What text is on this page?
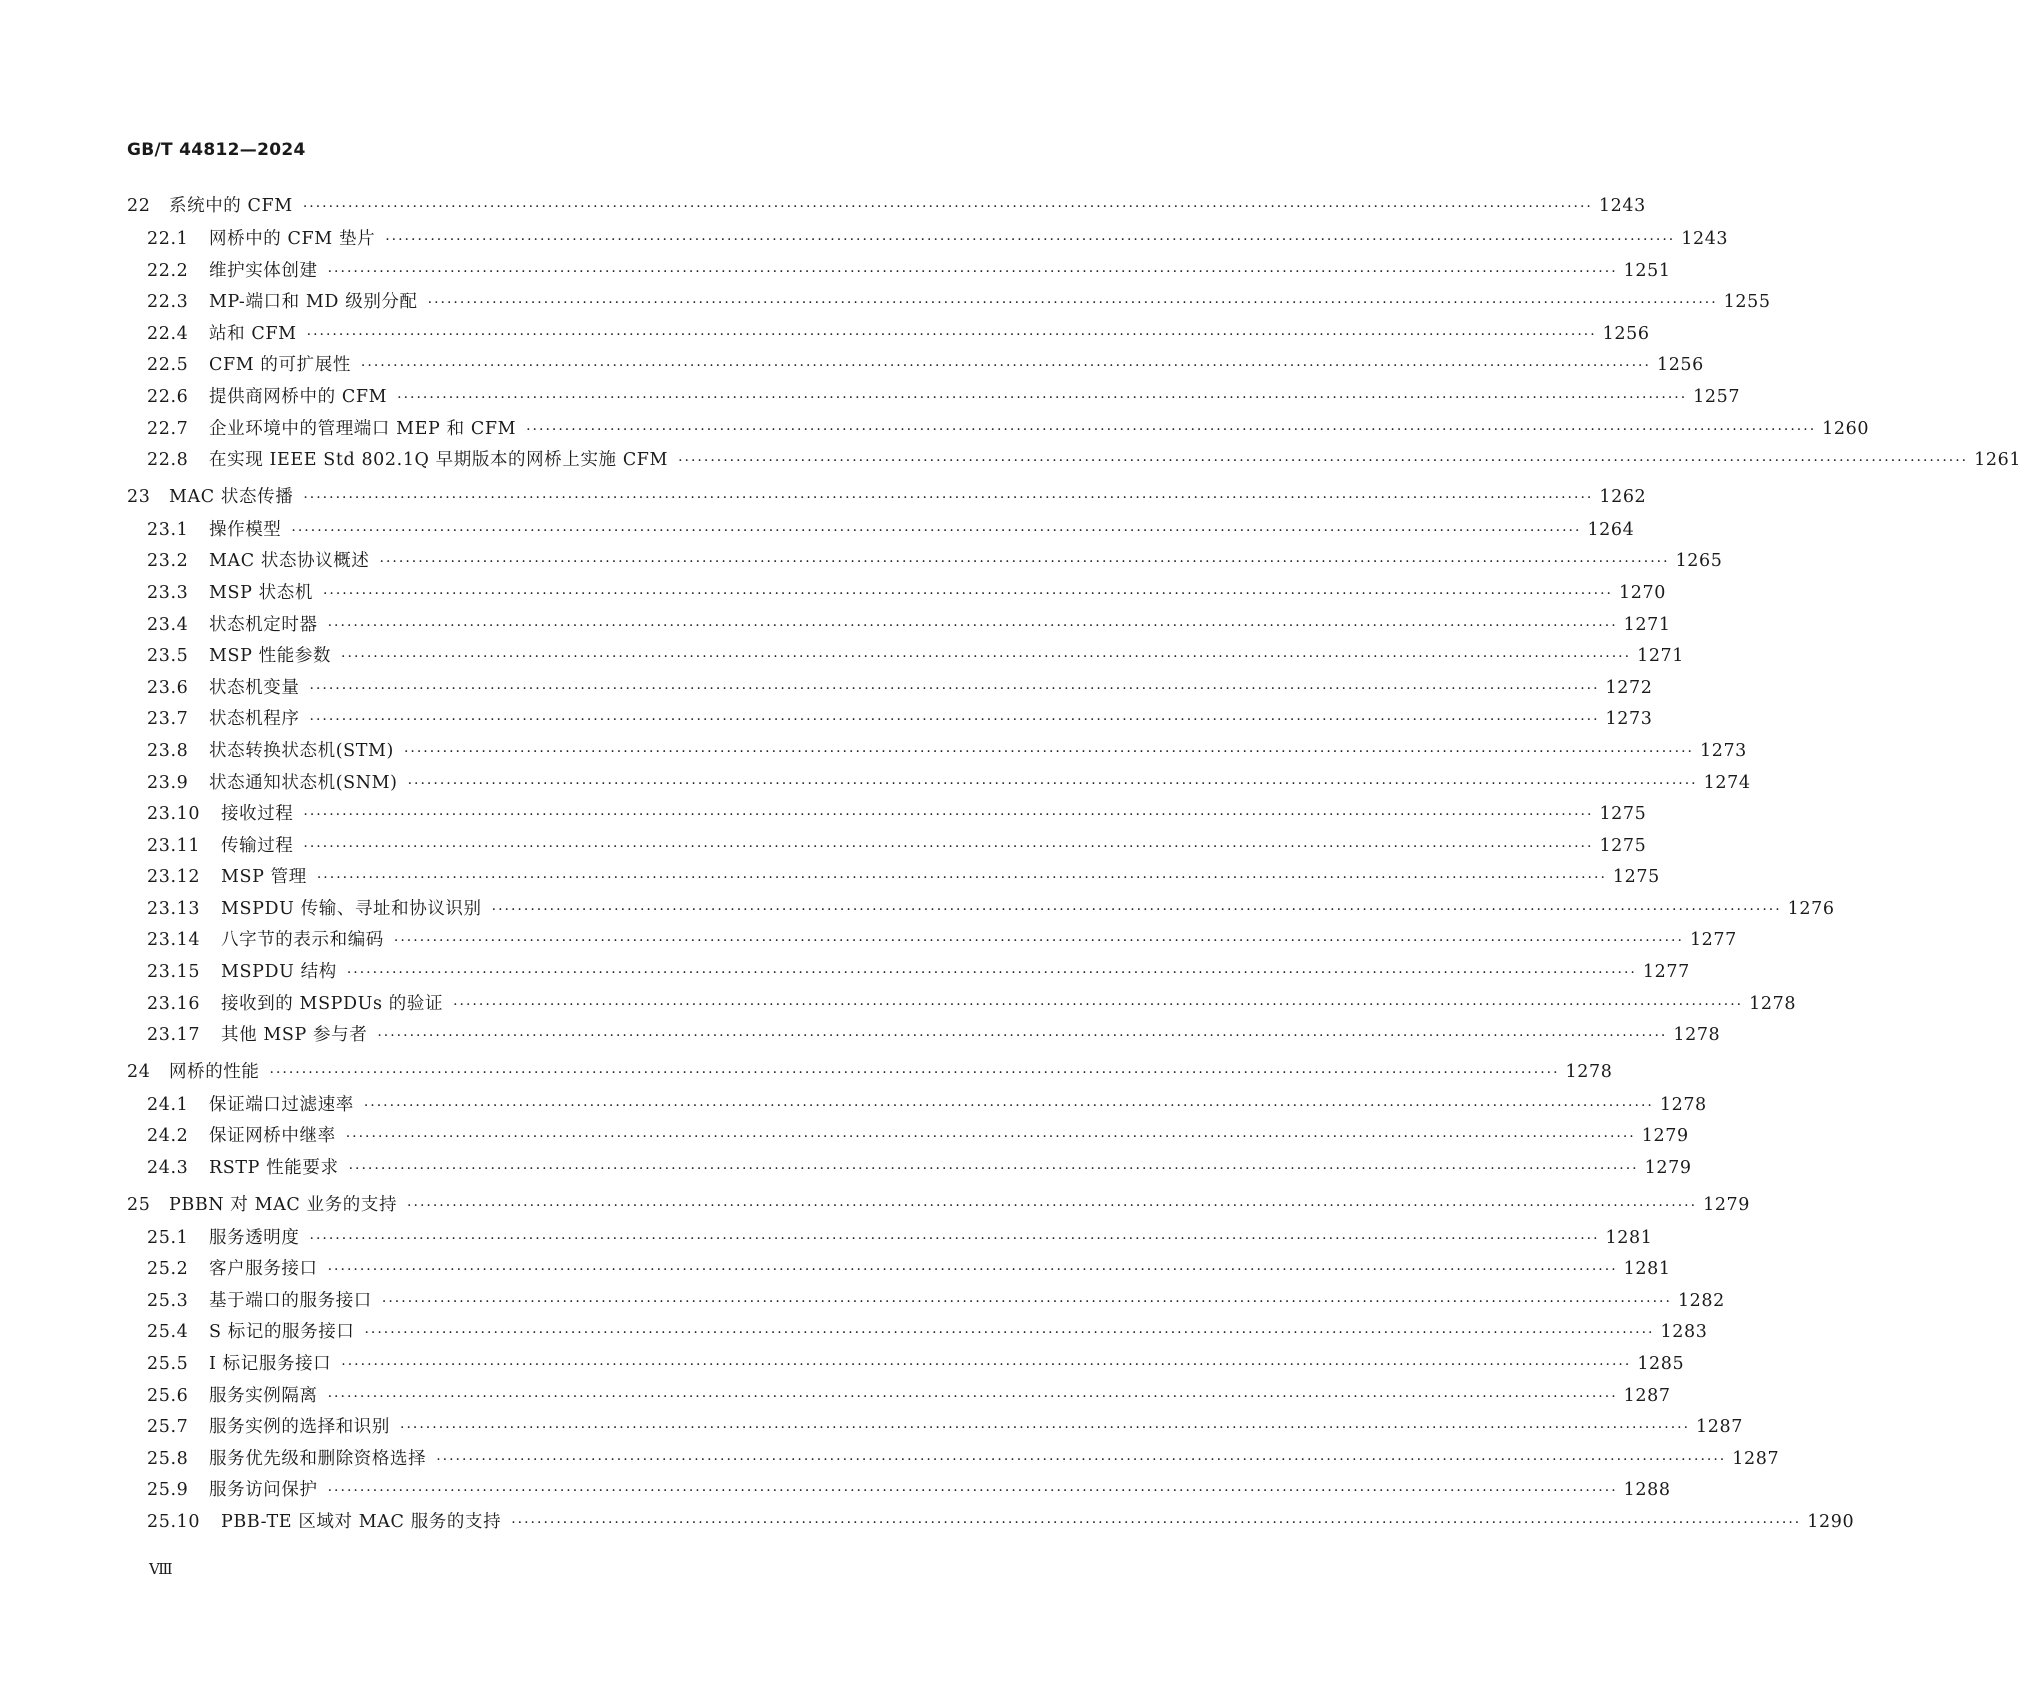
GB/T 44812—2024
22	系统中的 CFM ········································································································································································································ 1243
22.1	网桥中的 CFM 垫片 ········································································································································································································ 1243
22.2	维护实体创建 ········································································································································································································ 1251
22.3	MP-端口和 MD 级别分配 ········································································································································································································ 1255
22.4	站和 CFM ········································································································································································································ 1256
22.5	CFM 的可扩展性 ········································································································································································································ 1256
22.6	提供商网桥中的 CFM ········································································································································································································ 1257
22.7	企业环境中的管理端口 MEP 和 CFM ········································································································································································································ 1260
22.8	在实现 IEEE Std 802.1Q 早期版本的网桥上实施 CFM ········································································································································································································ 1261
23	MAC 状态传播 ········································································································································································································ 1262
23.1	操作模型 ········································································································································································································ 1264
23.2	MAC 状态协议概述 ········································································································································································································ 1265
23.3	MSP 状态机 ········································································································································································································ 1270
23.4	状态机定时器 ········································································································································································································ 1271
23.5	MSP 性能参数 ········································································································································································································ 1271
23.6	状态机变量 ········································································································································································································ 1272
23.7	状态机程序 ········································································································································································································ 1273
23.8	状态转换状态机(STM) ········································································································································································································ 1273
23.9	状态通知状态机(SNM) ········································································································································································································ 1274
23.10	接收过程 ········································································································································································································ 1275
23.11	传输过程 ········································································································································································································ 1275
23.12	MSP 管理 ········································································································································································································ 1275
23.13	MSPDU 传输、寻址和协议识别 ········································································································································································································ 1276
23.14	八字节的表示和编码 ········································································································································································································ 1277
23.15	MSPDU 结构 ········································································································································································································ 1277
23.16	接收到的 MSPDUs 的验证 ········································································································································································································ 1278
23.17	其他 MSP 参与者 ········································································································································································································ 1278
24	网桥的性能 ········································································································································································································ 1278
24.1	保证端口过滤速率 ········································································································································································································ 1278
24.2	保证网桥中继率 ········································································································································································································ 1279
24.3	RSTP 性能要求 ········································································································································································································ 1279
25	PBBN 对 MAC 业务的支持 ········································································································································································································ 1279
25.1	服务透明度 ········································································································································································································ 1281
25.2	客户服务接口 ········································································································································································································ 1281
25.3	基于端口的服务接口 ········································································································································································································ 1282
25.4	S 标记的服务接口 ········································································································································································································ 1283
25.5	I 标记服务接口 ········································································································································································································ 1285
25.6	服务实例隔离 ········································································································································································································ 1287
25.7	服务实例的选择和识别 ········································································································································································································ 1287
25.8	服务优先级和删除资格选择 ········································································································································································································ 1287
25.9	服务访问保护 ········································································································································································································ 1288
25.10	PBB-TE 区域对 MAC 服务的支持 ········································································································································································································ 1290
Ⅷ
